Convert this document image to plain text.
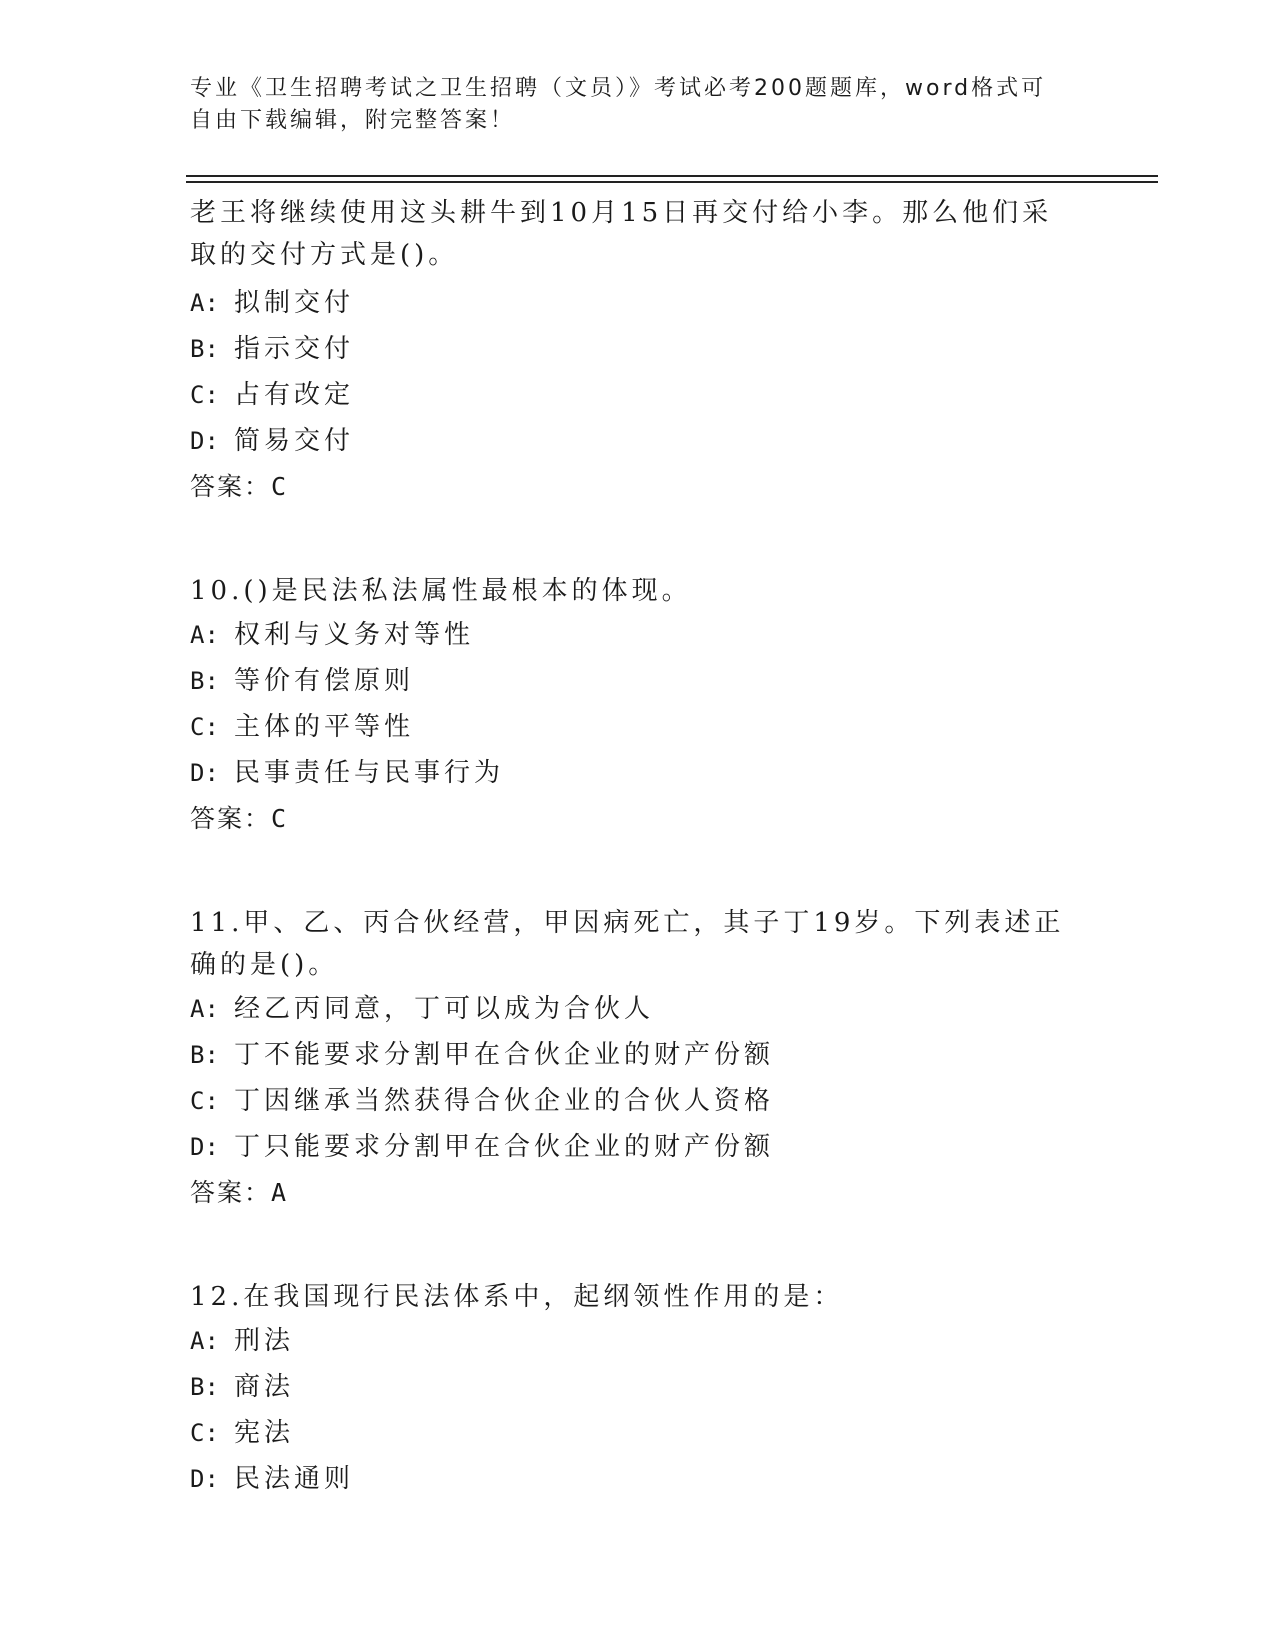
专业《卫生招聘考试之卫生招聘（文员）》考试必考200题题库，word格式可自由下载编辑，附完整答案！
老王将继续使用这头耕牛到10月15日再交付给小李。那么他们采取的交付方式是()。
A: 拟制交付
B: 指示交付
C: 占有改定
D: 简易交付
答案：C
10.()是民法私法属性最根本的体现。
A: 权利与义务对等性
B: 等价有偿原则
C: 主体的平等性
D: 民事责任与民事行为
答案：C
11.甲、乙、丙合伙经营，甲因病死亡，其子丁19岁。下列表述正确的是()。
A: 经乙丙同意，丁可以成为合伙人
B: 丁不能要求分割甲在合伙企业的财产份额
C: 丁因继承当然获得合伙企业的合伙人资格
D: 丁只能要求分割甲在合伙企业的财产份额
答案：A
12.在我国现行民法体系中，起纲领性作用的是：
A: 刑法
B: 商法
C: 宪法
D: 民法通则
